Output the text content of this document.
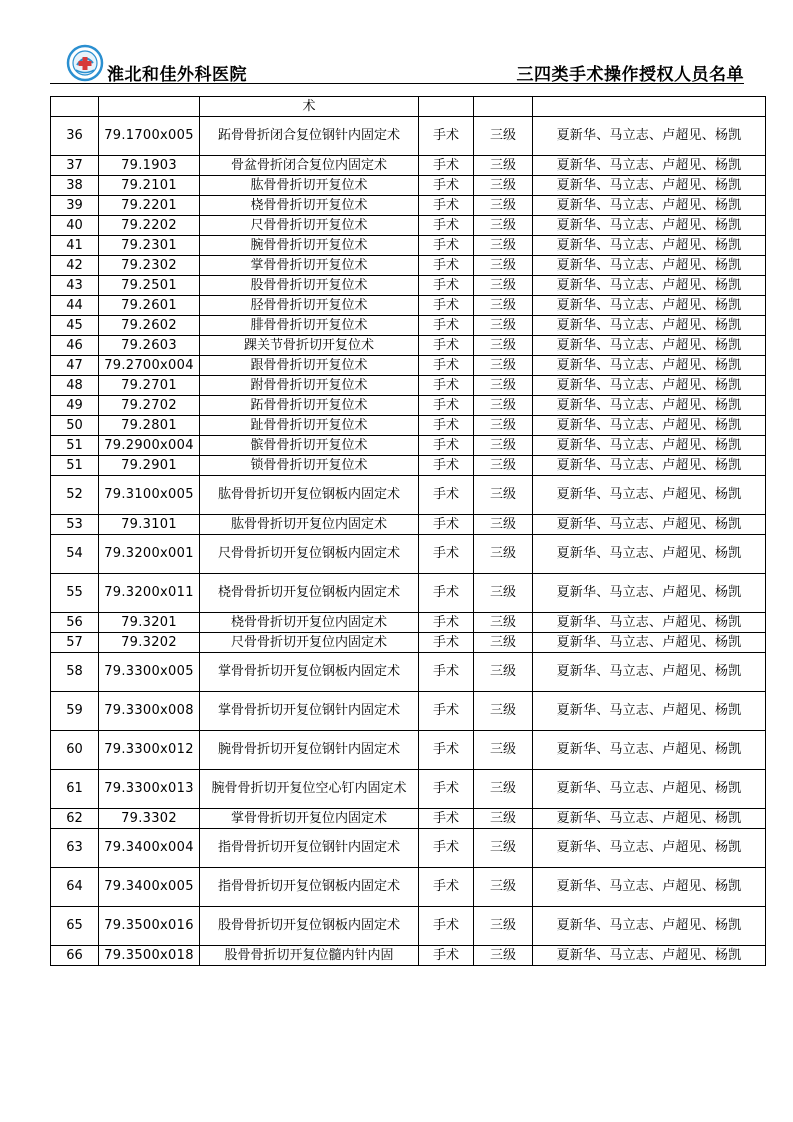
淮北和佳外科医院	三四类手术操作授权人员名单
		术			
36	79.1700x005	跖骨骨折闭合复位钢针内固定术	手术	三级	夏新华、马立志、卢超见、杨凯
37	79.1903	骨盆骨折闭合复位内固定术	手术	三级	夏新华、马立志、卢超见、杨凯
38	79.2101	肱骨骨折切开复位术	手术	三级	夏新华、马立志、卢超见、杨凯
39	79.2201	桡骨骨折切开复位术	手术	三级	夏新华、马立志、卢超见、杨凯
40	79.2202	尺骨骨折切开复位术	手术	三级	夏新华、马立志、卢超见、杨凯
41	79.2301	腕骨骨折切开复位术	手术	三级	夏新华、马立志、卢超见、杨凯
42	79.2302	掌骨骨折切开复位术	手术	三级	夏新华、马立志、卢超见、杨凯
43	79.2501	股骨骨折切开复位术	手术	三级	夏新华、马立志、卢超见、杨凯
44	79.2601	胫骨骨折切开复位术	手术	三级	夏新华、马立志、卢超见、杨凯
45	79.2602	腓骨骨折切开复位术	手术	三级	夏新华、马立志、卢超见、杨凯
46	79.2603	踝关节骨折切开复位术	手术	三级	夏新华、马立志、卢超见、杨凯
47	79.2700x004	跟骨骨折切开复位术	手术	三级	夏新华、马立志、卢超见、杨凯
48	79.2701	跗骨骨折切开复位术	手术	三级	夏新华、马立志、卢超见、杨凯
49	79.2702	跖骨骨折切开复位术	手术	三级	夏新华、马立志、卢超见、杨凯
50	79.2801	趾骨骨折切开复位术	手术	三级	夏新华、马立志、卢超见、杨凯
51	79.2900x004	髌骨骨折切开复位术	手术	三级	夏新华、马立志、卢超见、杨凯
51	79.2901	锁骨骨折切开复位术	手术	三级	夏新华、马立志、卢超见、杨凯
52	79.3100x005	肱骨骨折切开复位钢板内固定术	手术	三级	夏新华、马立志、卢超见、杨凯
53	79.3101	肱骨骨折切开复位内固定术	手术	三级	夏新华、马立志、卢超见、杨凯
54	79.3200x001	尺骨骨折切开复位钢板内固定术	手术	三级	夏新华、马立志、卢超见、杨凯
55	79.3200x011	桡骨骨折切开复位钢板内固定术	手术	三级	夏新华、马立志、卢超见、杨凯
56	79.3201	桡骨骨折切开复位内固定术	手术	三级	夏新华、马立志、卢超见、杨凯
57	79.3202	尺骨骨折切开复位内固定术	手术	三级	夏新华、马立志、卢超见、杨凯
58	79.3300x005	掌骨骨折切开复位钢板内固定术	手术	三级	夏新华、马立志、卢超见、杨凯
59	79.3300x008	掌骨骨折切开复位钢针内固定术	手术	三级	夏新华、马立志、卢超见、杨凯
60	79.3300x012	腕骨骨折切开复位钢针内固定术	手术	三级	夏新华、马立志、卢超见、杨凯
61	79.3300x013	腕骨骨折切开复位空心钉内固定术	手术	三级	夏新华、马立志、卢超见、杨凯
62	79.3302	掌骨骨折切开复位内固定术	手术	三级	夏新华、马立志、卢超见、杨凯
63	79.3400x004	指骨骨折切开复位钢针内固定术	手术	三级	夏新华、马立志、卢超见、杨凯
64	79.3400x005	指骨骨折切开复位钢板内固定术	手术	三级	夏新华、马立志、卢超见、杨凯
65	79.3500x016	股骨骨折切开复位钢板内固定术	手术	三级	夏新华、马立志、卢超见、杨凯
66	79.3500x018	股骨骨折切开复位髓内针内固	手术	三级	夏新华、马立志、卢超见、杨凯
